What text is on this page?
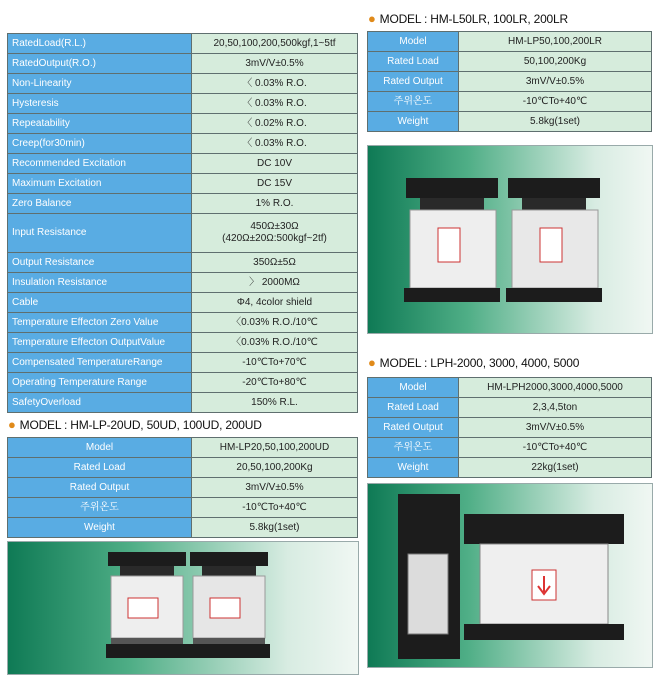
RatedLoad(R.L.)	20,50,100,200,500kgf,1~5tf
RatedOutput(R.O.)	3mV/V±0.5%
Non-Linearity	〈 0.03% R.O.
Hysteresis	〈 0.03% R.O.
Repeatability	〈 0.02% R.O.
Creep(for30min)	〈 0.03% R.O.
Recommended Excitation	DC 10V
Maximum Excitation	DC 15V
Zero Balance	1% R.O.
Input Resistance	450Ω±30Ω
(420Ω±20Ω:500kgf~2tf)

Output Resistance	350Ω±5Ω
Insulation Resistance	〉 2000MΩ
Cable	Φ4, 4color shield
Temperature Effecton Zero Value	〈0.03% R.O./10℃
Temperature Effecton OutputValue	〈0.03% R.O./10℃
Compensated TemperatureRange	-10℃To+70℃
Operating Temperature Range	-20℃To+80℃
SafetyOverload	150% R.L.
● MODEL : HM-LP-20UD, 50UD, 100UD, 200UD
Model	HM-LP20,50,100,200UD
Rated Load	20,50,100,200Kg
Rated Output	3mV/V±0.5%
주위온도	-10℃To+40℃
Weight	5.8kg(1set)
● MODEL : HM-L50LR, 100LR, 200LR
Model	HM-LP50,100,200LR
Rated Load	50,100,200Kg
Rated Output	3mV/V±0.5%
주위온도	-10℃To+40℃
Weight	5.8kg(1set)
● MODEL : LPH-2000, 3000, 4000, 5000
Model	HM-LPH2000,3000,4000,5000
Rated Load	2,3,4,5ton
Rated Output	3mV/V±0.5%
주위온도	-10℃To+40℃
Weight	22kg(1set)
